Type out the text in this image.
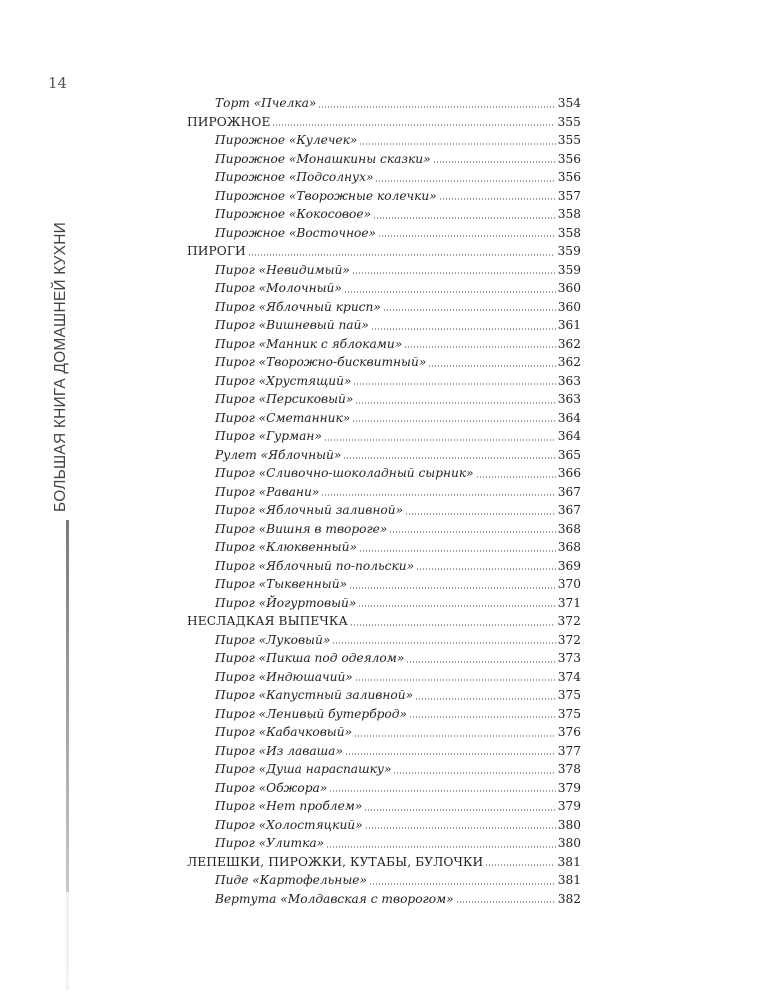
14
БОЛЬШАЯ КНИГА ДОМАШНЕЙ КУХНИ
Торт «Пчелка»	354
ПИРОЖНОЕ	355
Пирожное «Кулечек»	355
Пирожное «Монашкины сказки»	356
Пирожное «Подсолнух»	356
Пирожное «Творожные колечки»	357
Пирожное «Кокосовое»	358
Пирожное «Восточное»	358
ПИРОГИ	359
Пирог «Невидимый»	359
Пирог «Молочный»	360
Пирог «Яблочный крисп»	360
Пирог «Вишневый пай»	361
Пирог «Манник с яблоками»	362
Пирог «Творожно-бисквитный»	362
Пирог «Хрустящий»	363
Пирог «Персиковый»	363
Пирог «Сметанник»	364
Пирог «Гурман»	364
Рулет «Яблочный»	365
Пирог «Сливочно-шоколадный сырник»	366
Пирог «Равани»	367
Пирог «Яблочный заливной»	367
Пирог «Вишня в твороге»	368
Пирог «Клюквенный»	368
Пирог «Яблочный по-польски»	369
Пирог «Тыквенный»	370
Пирог «Йогуртовый»	371
НЕСЛАДКАЯ ВЫПЕЧКА	372
Пирог «Луковый»	372
Пирог «Пикша под одеялом»	373
Пирог «Индюшачий»	374
Пирог «Капустный заливной»	375
Пирог «Ленивый бутерброд»	375
Пирог «Кабачковый»	376
Пирог «Из лаваша»	377
Пирог «Душа нараспашку»	378
Пирог «Обжора»	379
Пирог «Нет проблем»	379
Пирог «Холостяцкий»	380
Пирог «Улитка»	380
ЛЕПЕШКИ, ПИРОЖКИ, КУТАБЫ, БУЛОЧКИ	381
Пиде «Картофельные»	381
Вертута «Молдавская с творогом»	382
